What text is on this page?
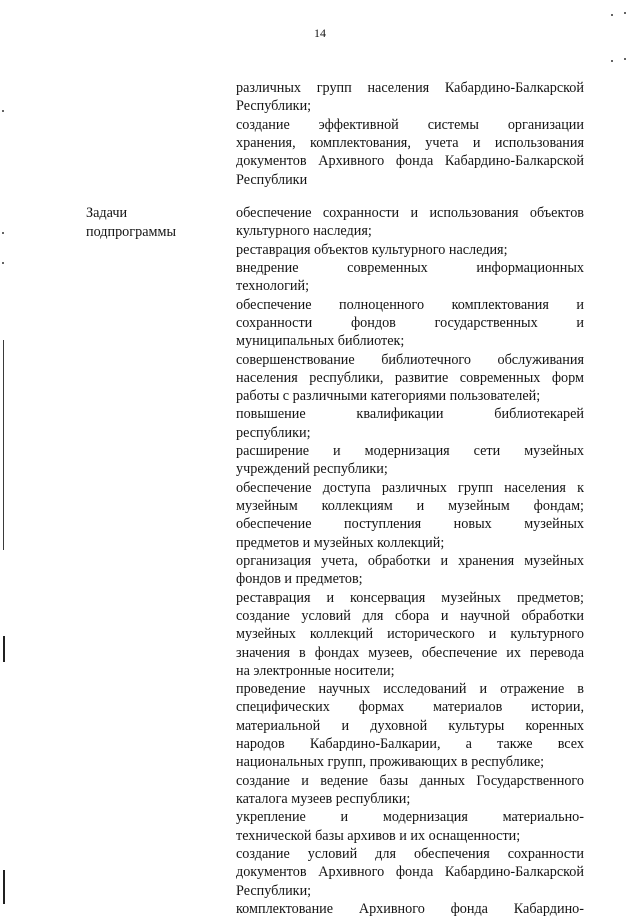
14
различных групп населения Кабардино-Балкарской
Республики;
создание эффективной системы организации
хранения, комплектования, учета и использования
документов Архивного фонда Кабардино-Балкарской
Республики
Задачи
подпрограммы
обеспечение сохранности и использования объектов
культурного наследия;
реставрация объектов культурного наследия;
внедрение современных информационных
технологий;
обеспечение полноценного комплектования и
сохранности фондов государственных и
муниципальных библиотек;
совершенствование библиотечного обслуживания
населения республики, развитие современных форм
работы с различными категориями пользователей;
повышение квалификации библиотекарей
республики;
расширение и модернизация сети музейных
учреждений республики;
обеспечение доступа различных групп населения к
музейным коллекциям и музейным фондам;
обеспечение поступления новых музейных
предметов и музейных коллекций;
организация учета, обработки и хранения музейных
фондов и предметов;
реставрация и консервация музейных предметов;
создание условий для сбора и научной обработки
музейных коллекций исторического и культурного
значения в фондах музеев, обеспечение их перевода
на электронные носители;
проведение научных исследований и отражение в
специфических формах материалов истории,
материальной и духовной культуры коренных
народов Кабардино-Балкарии, а также всех
национальных групп, проживающих в республике;
создание и ведение базы данных Государственного
каталога музеев республики;
укрепление и модернизация материально-
технической базы архивов и их оснащенности;
создание условий для обеспечения сохранности
документов Архивного фонда Кабардино-Балкарской
Республики;
комплектование Архивного фонда Кабардино-
